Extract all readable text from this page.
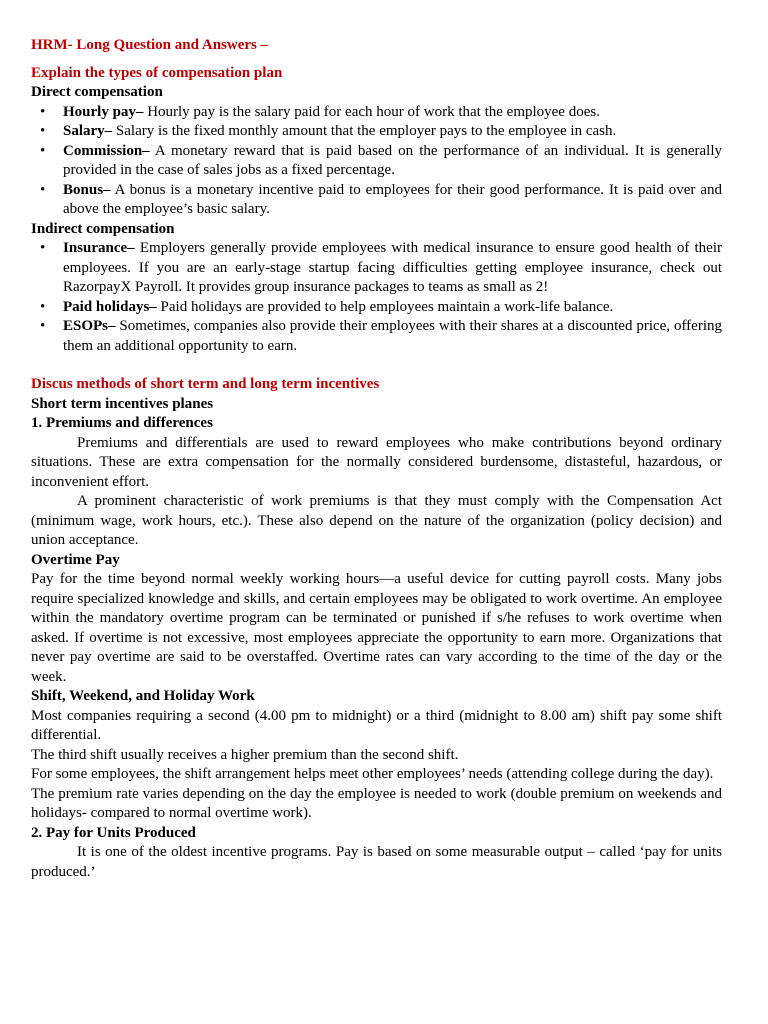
HRM- Long Question and Answers –
Explain the types of compensation plan
Direct compensation
• Hourly pay– Hourly pay is the salary paid for each hour of work that the employee does.
• Salary– Salary is the fixed monthly amount that the employer pays to the employee in cash.
• Commission– A monetary reward that is paid based on the performance of an individual. It is generally provided in the case of sales jobs as a fixed percentage.
• Bonus– A bonus is a monetary incentive paid to employees for their good performance. It is paid over and above the employee’s basic salary.
Indirect compensation
• Insurance– Employers generally provide employees with medical insurance to ensure good health of their employees. If you are an early-stage startup facing difficulties getting employee insurance, check out RazorpayX Payroll. It provides group insurance packages to teams as small as 2!
• Paid holidays– Paid holidays are provided to help employees maintain a work-life balance.
• ESOPs– Sometimes, companies also provide their employees with their shares at a discounted price, offering them an additional opportunity to earn.
Discus methods of short term and long term incentives
Short term incentives planes
1. Premiums and differences

Premiums and differentials are used to reward employees who make contributions beyond ordinary situations. These are extra compensation for the normally considered burdensome, distasteful, hazardous, or inconvenient effort.

A prominent characteristic of work premiums is that they must comply with the Compensation Act (minimum wage, work hours, etc.). These also depend on the nature of the organization (policy decision) and union acceptance.

Overtime Pay

Pay for the time beyond normal weekly working hours—a useful device for cutting payroll costs. Many jobs require specialized knowledge and skills, and certain employees may be obligated to work overtime. An employee within the mandatory overtime program can be terminated or punished if s/he refuses to work overtime when asked. If overtime is not excessive, most employees appreciate the opportunity to earn more. Organizations that never pay overtime are said to be overstaffed. Overtime rates can vary according to the time of the day or the week.

Shift, Weekend, and Holiday Work

Most companies requiring a second (4.00 pm to midnight) or a third (midnight to 8.00 am) shift pay some shift differential.

The third shift usually receives a higher premium than the second shift.

For some employees, the shift arrangement helps meet other employees’ needs (attending college during the day).

The premium rate varies depending on the day the employee is needed to work (double premium on weekends and holidays- compared to normal overtime work).

2. Pay for Units Produced

It is one of the oldest incentive programs. Pay is based on some measurable output – called ‘pay for units produced.’
